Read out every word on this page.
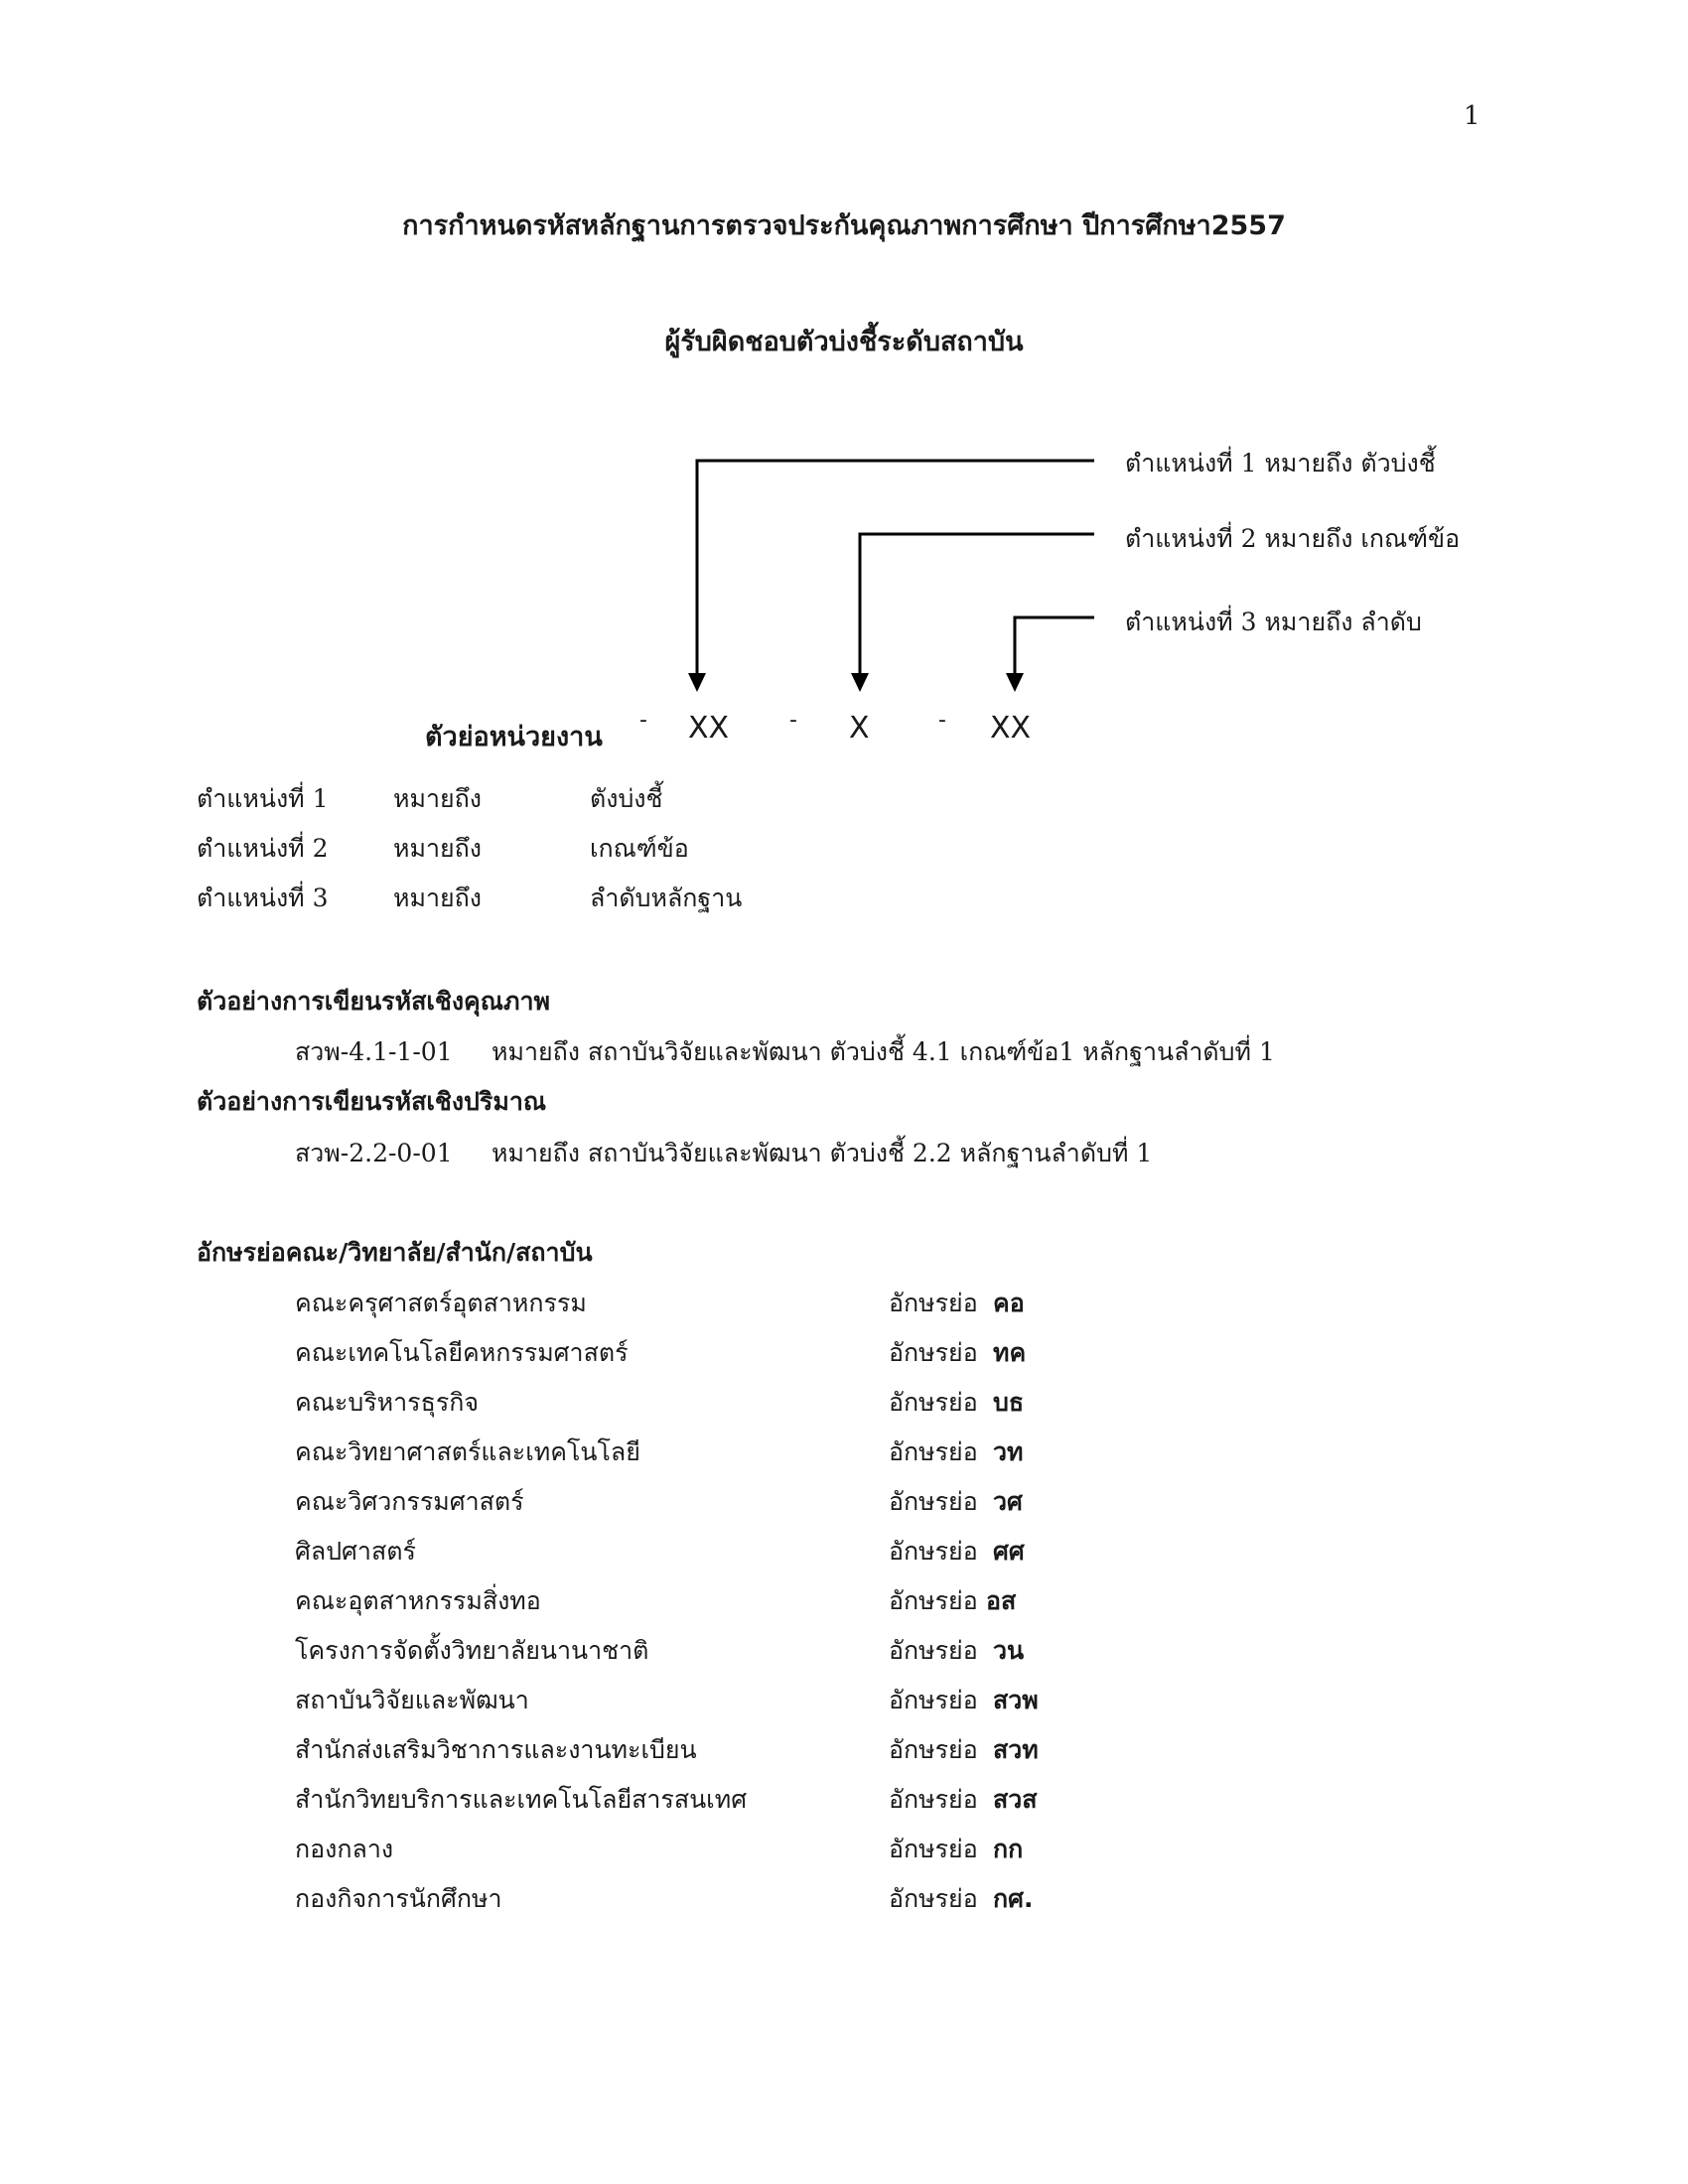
1
การกำหนดรหัสหลักฐานการตรวจประกันคุณภาพการศึกษา ปีการศึกษา2557
ผู้รับผิดชอบตัวบ่งชี้ระดับสถาบัน
ตำแหน่งที่ 1 หมายถึง ตัวบ่งชี้
ตำแหน่งที่ 2 หมายถึง เกณฑ์ข้อ
ตำแหน่งที่ 3 หมายถึง ลำดับ
ตัวย่อหน่วยงาน
- XX	- X	- XX
ตำแหน่งที่ 1	หมายถึง	ตังบ่งชี้
ตำแหน่งที่ 2	หมายถึง	เกณฑ์ข้อ
ตำแหน่งที่ 3	หมายถึง	ลำดับหลักฐาน
ตัวอย่างการเขียนรหัสเชิงคุณภาพ
สวพ-4.1-1-01 หมายถึง สถาบันวิจัยและพัฒนา ตัวบ่งชี้ 4.1 เกณฑ์ข้อ1 หลักฐานลำดับที่ 1
ตัวอย่างการเขียนรหัสเชิงปริมาณ
สวพ-2.2-0-01 หมายถึง สถาบันวิจัยและพัฒนา ตัวบ่งชี้ 2.2 หลักฐานลำดับที่ 1
อักษรย่อคณะ/วิทยาลัย/สำนัก/สถาบัน
คณะครุศาสตร์อุตสาหกรรม	อักษรย่อ คอ
คณะเทคโนโลยีคหกรรมศาสตร์	อักษรย่อ ทค
คณะบริหารธุรกิจ	อักษรย่อ บธ
คณะวิทยาศาสตร์และเทคโนโลยี	อักษรย่อ วท
คณะวิศวกรรมศาสตร์	อักษรย่อ วศ
ศิลปศาสตร์	อักษรย่อ ศศ
คณะอุตสาหกรรมสิ่งทอ	อักษรย่อ อส
โครงการจัดตั้งวิทยาลัยนานาชาติ	อักษรย่อ วน
สถาบันวิจัยและพัฒนา	อักษรย่อ สวพ
สำนักส่งเสริมวิชาการและงานทะเบียน	อักษรย่อ สวท
สำนักวิทยบริการและเทคโนโลยีสารสนเทศ	อักษรย่อ สวส
กองกลาง	อักษรย่อ กก
กองกิจการนักศึกษา	อักษรย่อ กศ.
